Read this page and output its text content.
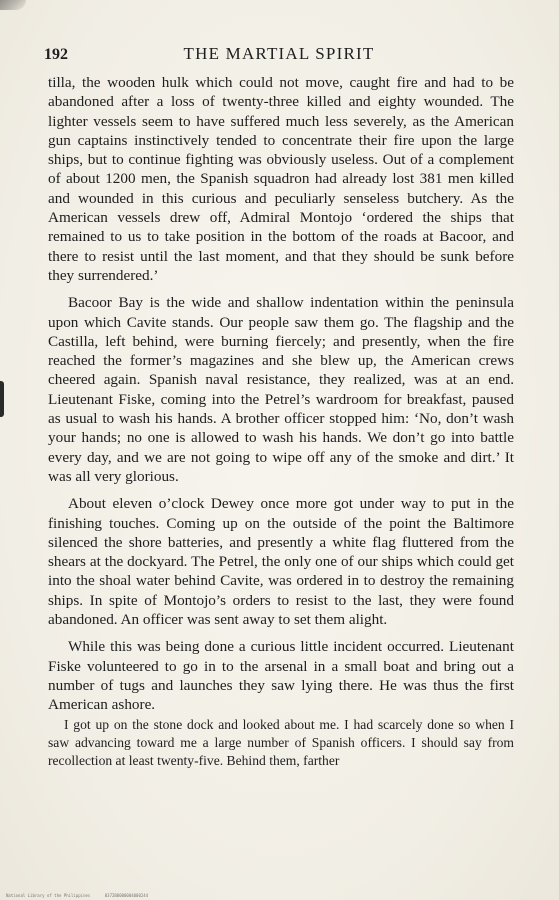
192	THE MARTIAL SPIRIT

tilla, the wooden hulk which could not move, caught fire and had to be abandoned after a loss of twenty-three killed and eighty wounded. The lighter vessels seem to have suffered much less severely, as the American gun captains instinctively tended to concentrate their fire upon the large ships, but to continue fighting was obviously useless. Out of a complement of about 1200 men, the Spanish squadron had already lost 381 men killed and wounded in this curious and peculiarly senseless butchery. As the American vessels drew off, Admiral Montojo ‘ordered the ships that remained to us to take position in the bottom of the roads at Bacoor, and there to resist until the last moment, and that they should be sunk before they surrendered.’

Bacoor Bay is the wide and shallow indentation within the peninsula upon which Cavite stands. Our people saw them go. The flagship and the Castilla, left behind, were burning fiercely; and presently, when the fire reached the former’s magazines and she blew up, the American crews cheered again. Spanish naval resistance, they realized, was at an end. Lieutenant Fiske, coming into the Petrel’s wardroom for breakfast, paused as usual to wash his hands. A brother officer stopped him: ‘No, don’t wash your hands; no one is allowed to wash his hands. We don’t go into battle every day, and we are not going to wipe off any of the smoke and dirt.’ It was all very glorious.

About eleven o’clock Dewey once more got under way to put in the finishing touches. Coming up on the outside of the point the Baltimore silenced the shore batteries, and presently a white flag fluttered from the shears at the dockyard. The Petrel, the only one of our ships which could get into the shoal water behind Cavite, was ordered in to destroy the remaining ships. In spite of Montojo’s orders to resist to the last, they were found abandoned. An officer was sent away to set them alight.

While this was being done a curious little incident occurred. Lieutenant Fiske volunteered to go in to the arsenal in a small boat and bring out a number of tugs and launches they saw lying there. He was thus the first American ashore.

I got up on the stone dock and looked about me. I had scarcely done so when I saw advancing toward me a large number of Spanish officers. I should say from recollection at least twenty-five. Behind them, farther

National Library of the Philippines	0372B0000004000244
